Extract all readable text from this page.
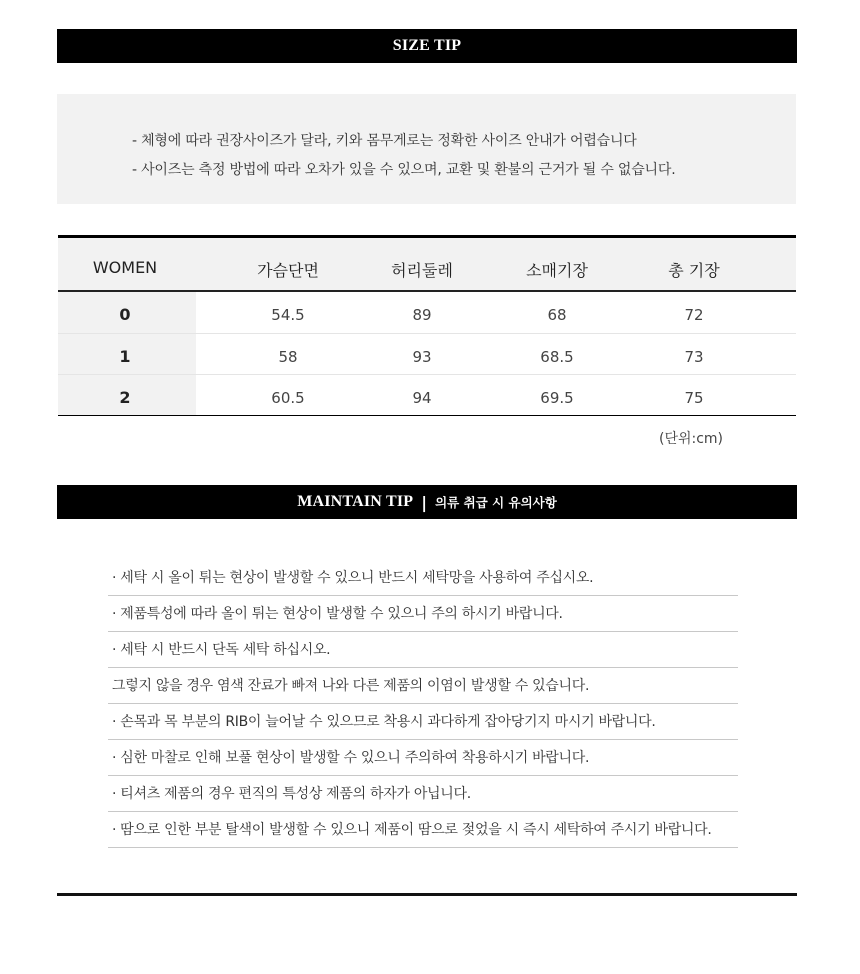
SIZE TIP
- 체형에 따라 권장사이즈가 달라, 키와 몸무게로는 정확한 사이즈 안내가 어렵습니다
- 사이즈는 측정 방법에 따라 오차가 있을 수 있으며, 교환 및 환불의 근거가 될 수 없습니다.
WOMEN	가슴단면	허리둘레	소매기장	총 기장
0	54.5	89	68	72
1	58	93	68.5	73
2	60.5	94	69.5	75
(단위:cm)
MAINTAIN TIP | 의류 취급 시 유의사항
· 세탁 시 올이 튀는 현상이 발생할 수 있으니 반드시 세탁망을 사용하여 주십시오.
· 제품특성에 따라 올이 튀는 현상이 발생할 수 있으니 주의 하시기 바랍니다.
· 세탁 시 반드시 단독 세탁 하십시오.
그렇지 않을 경우 염색 잔료가 빠져 나와 다른 제품의 이염이 발생할 수 있습니다.
· 손목과 목 부분의 RIB이 늘어날 수 있으므로 착용시 과다하게 잡아당기지 마시기 바랍니다.
· 심한 마찰로 인해 보풀 현상이 발생할 수 있으니 주의하여 착용하시기 바랍니다.
· 티셔츠 제품의 경우 편직의 특성상 제품의 하자가 아닙니다.
· 땀으로 인한 부분 탈색이 발생할 수 있으니 제품이 땀으로 젖었을 시 즉시 세탁하여 주시기 바랍니다.
